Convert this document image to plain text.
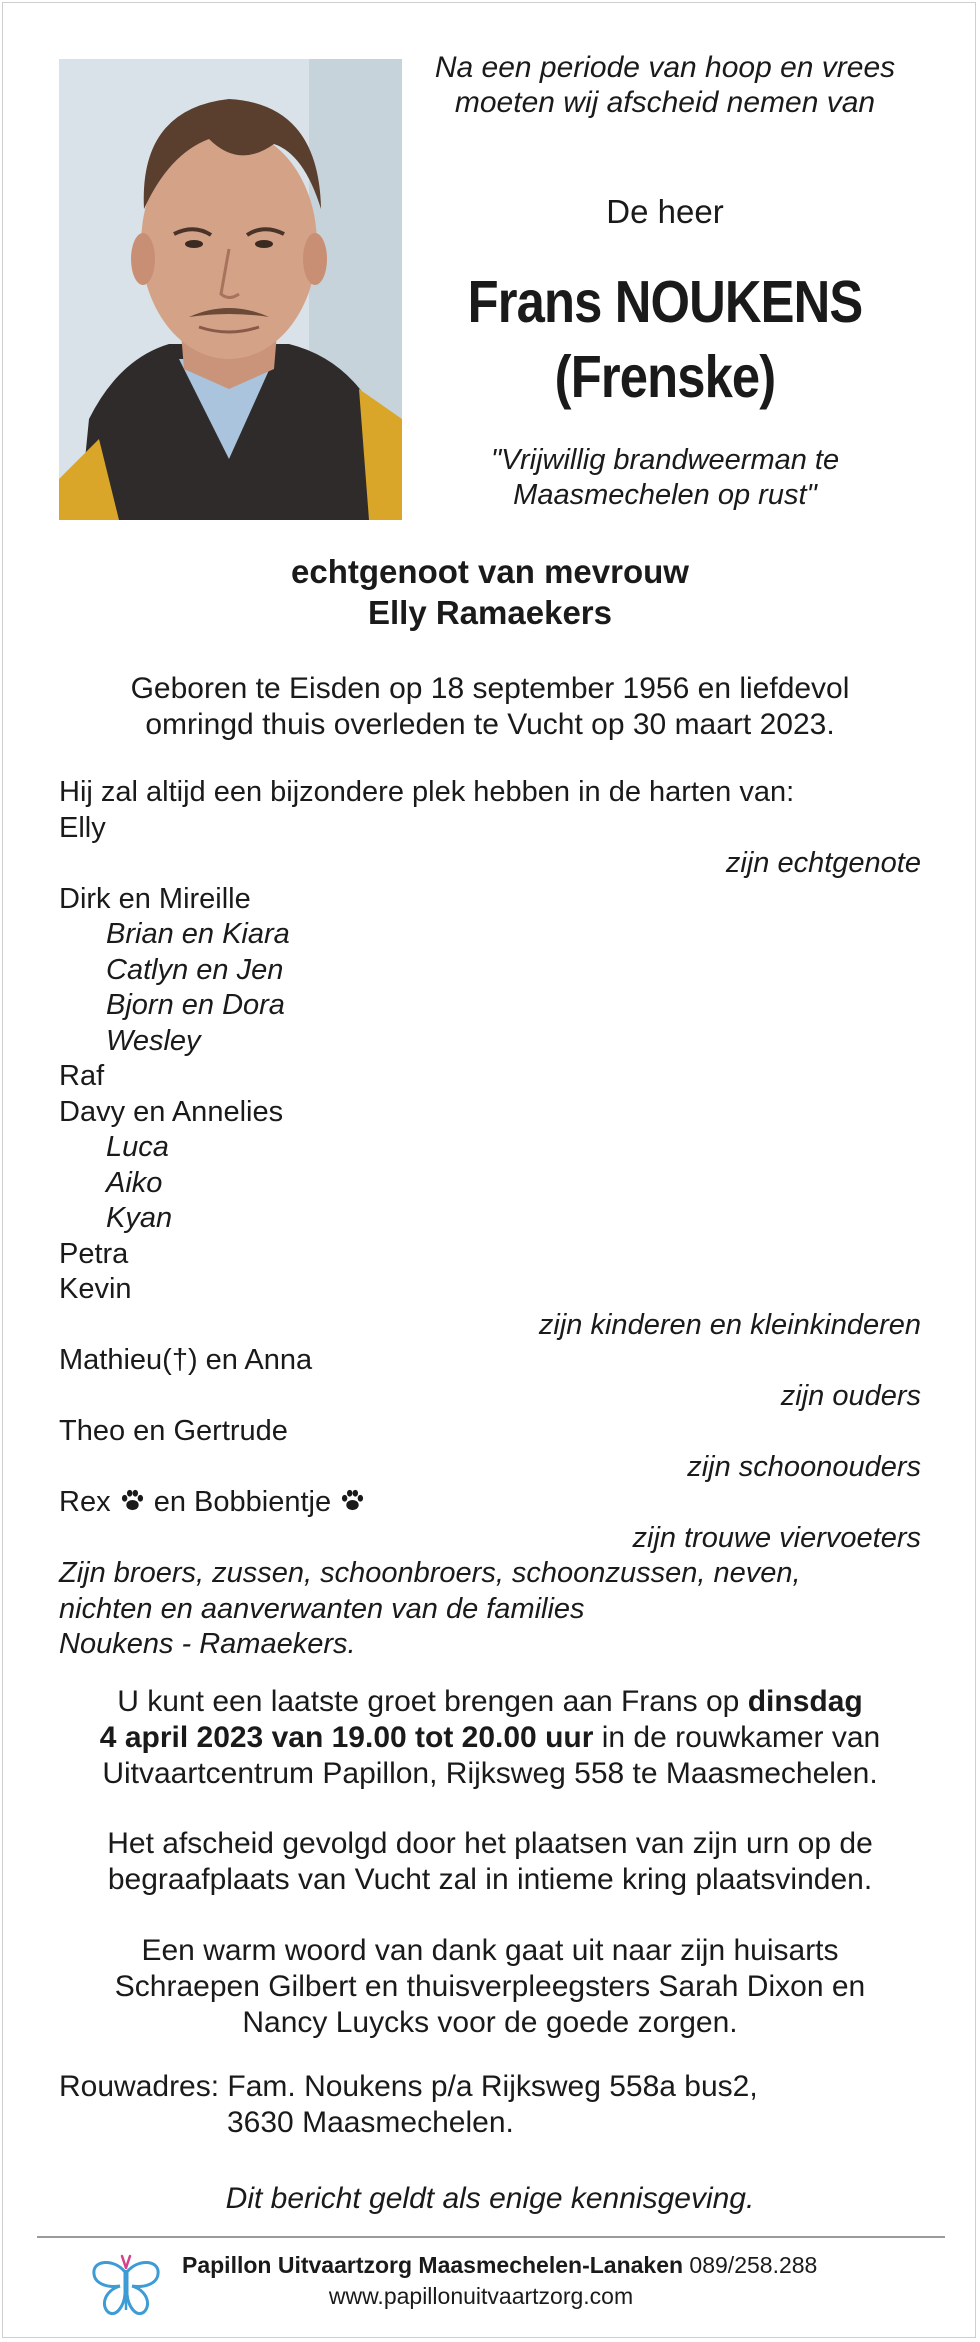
Na een periode van hoop en vrees
moeten wij afscheid nemen van
De heer
Frans NOUKENS
(Frenske)
"Vrijwillig brandweerman te
Maasmechelen op rust"
echtgenoot van mevrouw
Elly Ramaekers
Geboren te Eisden op 18 september 1956 en liefdevol
omringd thuis overleden te Vucht op 30 maart 2023.
Hij zal altijd een bijzondere plek hebben in de harten van:
Elly
zijn echtgenote
Dirk en Mireille
Brian en Kiara
Catlyn en Jen
Bjorn en Dora
Wesley
Raf
Davy en Annelies
Luca
Aiko
Kyan
Petra
Kevin
zijn kinderen en kleinkinderen
Mathieu(†) en Anna
zijn ouders
Theo en Gertrude
zijn schoonouders
Rex en Bobbientje
zijn trouwe viervoeters
Zijn broers, zussen, schoonbroers, schoonzussen, neven,
nichten en aanverwanten van de families
Noukens - Ramaekers.
U kunt een laatste groet brengen aan Frans op dinsdag
4 april 2023 van 19.00 tot 20.00 uur in de rouwkamer van
Uitvaartcentrum Papillon, Rijksweg 558 te Maasmechelen.
Het afscheid gevolgd door het plaatsen van zijn urn op de
begraafplaats van Vucht zal in intieme kring plaatsvinden.
Een warm woord van dank gaat uit naar zijn huisarts
Schraepen Gilbert en thuisverpleegsters Sarah Dixon en
Nancy Luycks voor de goede zorgen.
Rouwadres: Fam. Noukens p/a Rijksweg 558a bus2,
3630 Maasmechelen.
Dit bericht geldt als enige kennisgeving.
Papillon Uitvaartzorg Maasmechelen-Lanaken 089/258.288
www.papillonuitvaartzorg.com
